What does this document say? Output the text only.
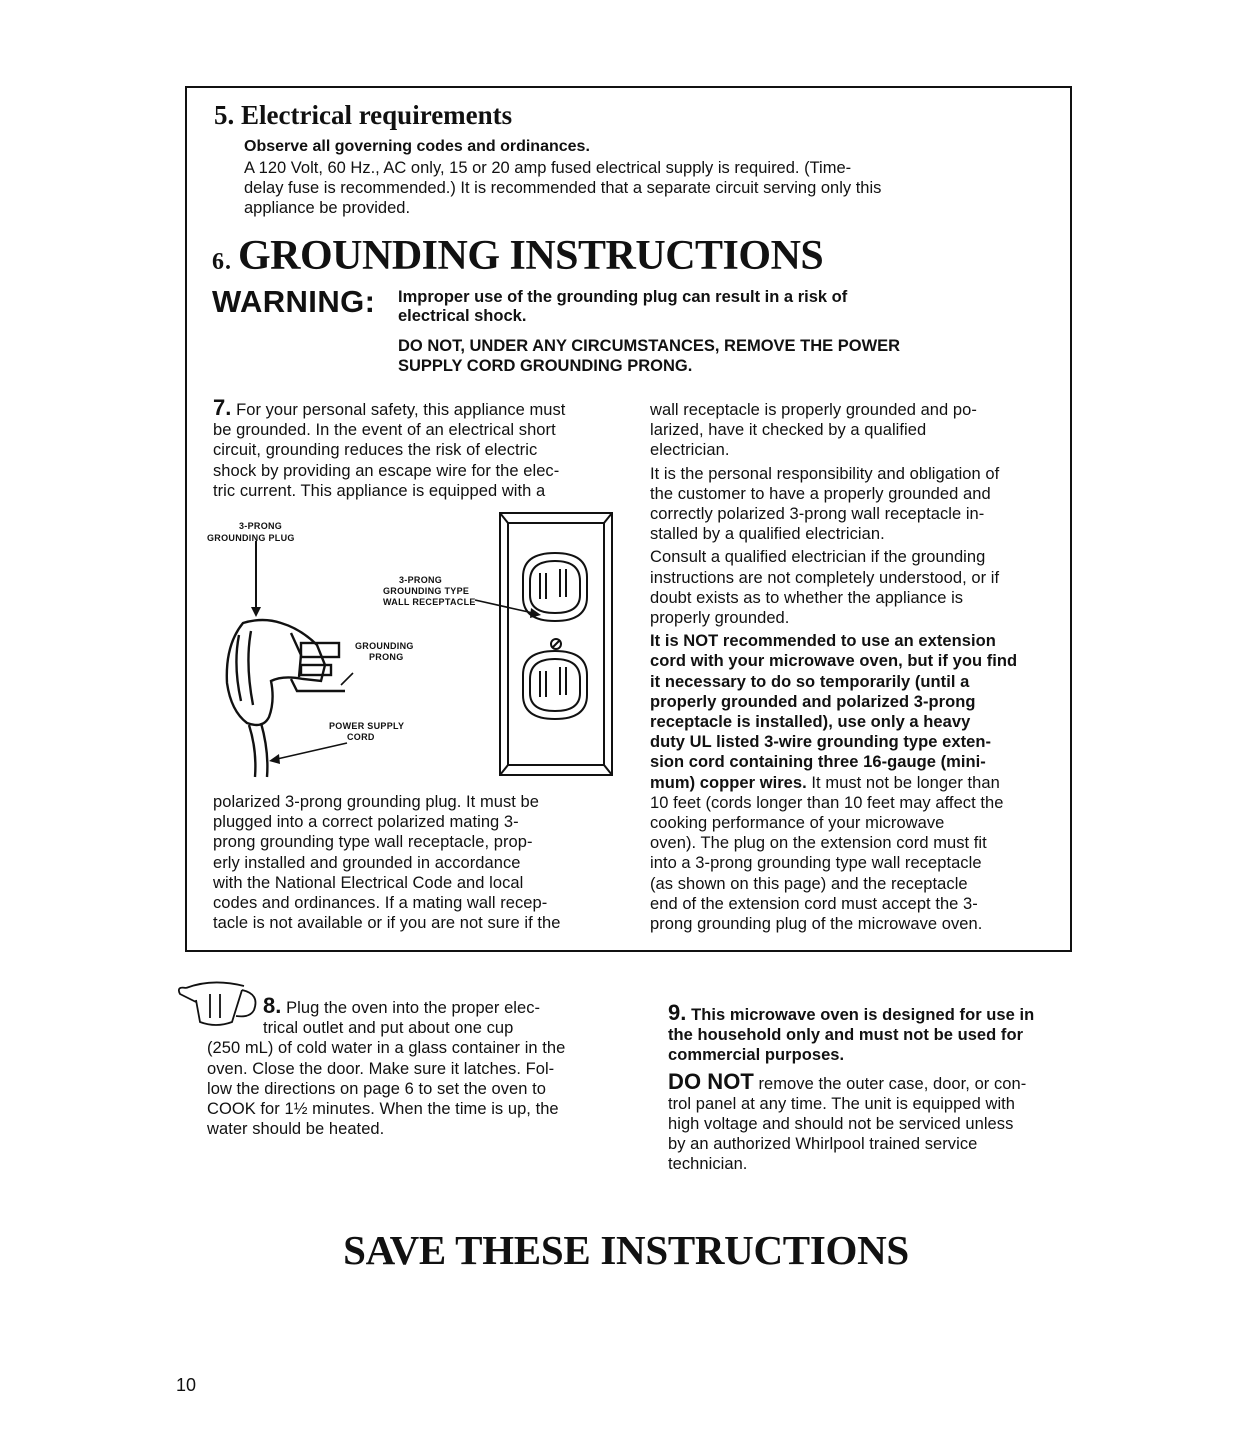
5. Electrical requirements
Observe all governing codes and ordinances.
A 120 Volt, 60 Hz., AC only, 15 or 20 amp fused electrical supply is required. (Time-
delay fuse is recommended.) It is recommended that a separate circuit serving only this
appliance be provided.
6. GROUNDING INSTRUCTIONS
WARNING: Improper use of the grounding plug can result in a risk of
electrical shock.
DO NOT, UNDER ANY CIRCUMSTANCES, REMOVE THE POWER
SUPPLY CORD GROUNDING PRONG.
7. For your personal safety, this appliance must
be grounded. In the event of an electrical short
circuit, grounding reduces the risk of electric
shock by providing an escape wire for the elec-
tric current. This appliance is equipped with a
3-PRONG
GROUNDING PLUG
3-PRONG
GROUNDING TYPE
WALL RECEPTACLE
GROUNDING
PRONG
POWER SUPPLY
CORD
polarized 3-prong grounding plug. It must be
plugged into a correct polarized mating 3-
prong grounding type wall receptacle, prop-
erly installed and grounded in accordance
with the National Electrical Code and local
codes and ordinances. If a mating wall recep-
tacle is not available or if you are not sure if the
wall receptacle is properly grounded and po-
larized, have it checked by a qualified
electrician.
It is the personal responsibility and obligation of
the customer to have a properly grounded and
correctly polarized 3-prong wall receptacle in-
stalled by a qualified electrician.
Consult a qualified electrician if the grounding
instructions are not completely understood, or if
doubt exists as to whether the appliance is
properly grounded.
It is NOT recommended to use an extension
cord with your microwave oven, but if you find
it necessary to do so temporarily (until a
properly grounded and polarized 3-prong
receptacle is installed), use only a heavy
duty UL listed 3-wire grounding type exten-
sion cord containing three 16-gauge (mini-
mum) copper wires. It must not be longer than
10 feet (cords longer than 10 feet may affect the
cooking performance of your microwave
oven). The plug on the extension cord must fit
into a 3-prong grounding type wall receptacle
(as shown on this page) and the receptacle
end of the extension cord must accept the 3-
prong grounding plug of the microwave oven.
8. Plug the oven into the proper elec-
trical outlet and put about one cup
(250 mL) of cold water in a glass container in the
oven. Close the door. Make sure it latches. Fol-
low the directions on page 6 to set the oven to
COOK for 1½ minutes. When the time is up, the
water should be heated.
9. This microwave oven is designed for use in
the household only and must not be used for
commercial purposes.
DO NOT remove the outer case, door, or con-
trol panel at any time. The unit is equipped with
high voltage and should not be serviced unless
by an authorized Whirlpool trained service
technician.
SAVE THESE INSTRUCTIONS
10
